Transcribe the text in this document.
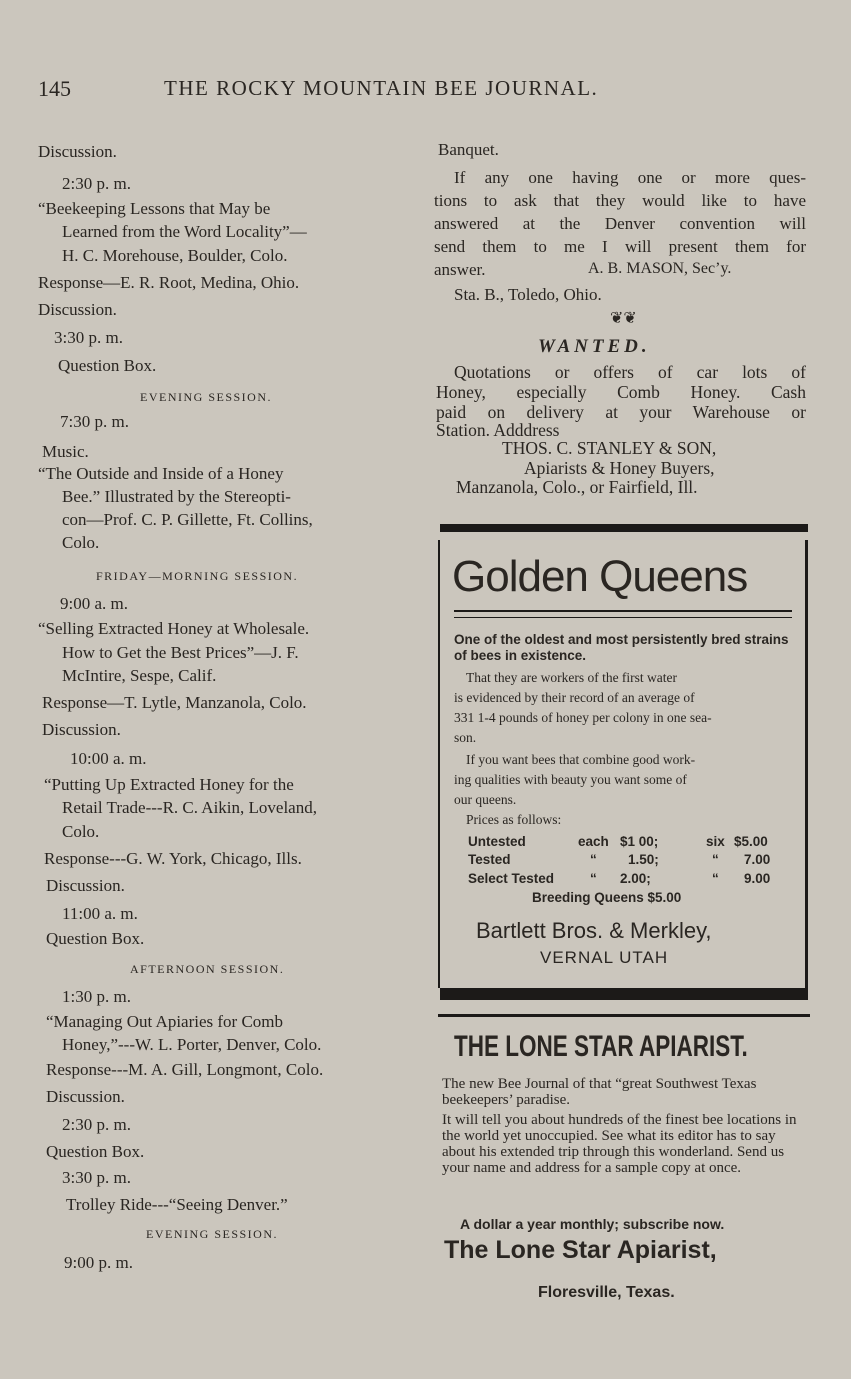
145	THE ROCKY MOUNTAIN BEE JOURNAL.
Discussion.
2:30 p. m.
“Beekeeping Lessons that May be
Learned from the Word Locality”—
H. C. Morehouse, Boulder, Colo.
Response—E. R. Root, Medina, Ohio.
Discussion.
3:30 p. m.
Question Box.
EVENING SESSION.
7:30 p. m.
Music.
“The Outside and Inside of a Honey
Bee.” Illustrated by the Stereopti-
con—Prof. C. P. Gillette, Ft. Collins,
Colo.
FRIDAY—MORNING SESSION.
9:00 a. m.
“Selling Extracted Honey at Wholesale.
How to Get the Best Prices”—J. F.
McIntire, Sespe, Calif.
Response—T. Lytle, Manzanola, Colo.
Discussion.
10:00 a. m.
“Putting Up Extracted Honey for the
Retail Trade---R. C. Aikin, Loveland,
Colo.
Response---G. W. York, Chicago, Ills.
Discussion.
11:00 a. m.
Question Box.
AFTERNOON SESSION.
1:30 p. m.
“Managing Out Apiaries for Comb
Honey,”---W. L. Porter, Denver, Colo.
Response---M. A. Gill, Longmont, Colo.
Discussion.
2:30 p. m.
Question Box.
3:30 p. m.
Trolley Ride---“Seeing Denver.”
EVENING SESSION.
9:00 p. m.
Banquet.
If any one having one or more ques-
tions to ask that they would like to have
answered at the Denver convention will
send them to me I will present them for
answer.	A. B. MASON, Sec’y.
Sta. B., Toledo, Ohio.
❦❦
WANTED.
Quotations or offers of car lots of
Honey, especially Comb Honey. Cash
paid on delivery at your Warehouse or
Station. Adddress
THOS. C. STANLEY & SON,
Apiarists & Honey Buyers,
Manzanola, Colo., or Fairfield, Ill.
Golden Queens
One of the oldest and most persistently bred strains of bees in existence.
That they are workers of the first water
is evidenced by their record of an average of
331 1-4 pounds of honey per colony in one sea-
son.
If you want bees that combine good work-
ing qualities with beauty you want some of
our queens.
Prices as follows:
Untested	each $1 00;	six $5.00
Tested	“ 1.50;	“ 7.00
Select Tested	“ 2.00;	“ 9.00
Breeding Queens $5.00
Bartlett Bros. & Merkley,
VERNAL UTAH
THE LONE STAR APIARIST.
The new Bee Journal of that “great Southwest Texas beekeepers’ paradise.
It will tell you about hundreds of the finest bee locations in the world yet unoccupied. See what its editor has to say about his extended trip through this wonderland. Send us your name and address for a sample copy at once.
A dollar a year monthly; subscribe now.
The Lone Star Apiarist,
Floresville, Texas.
